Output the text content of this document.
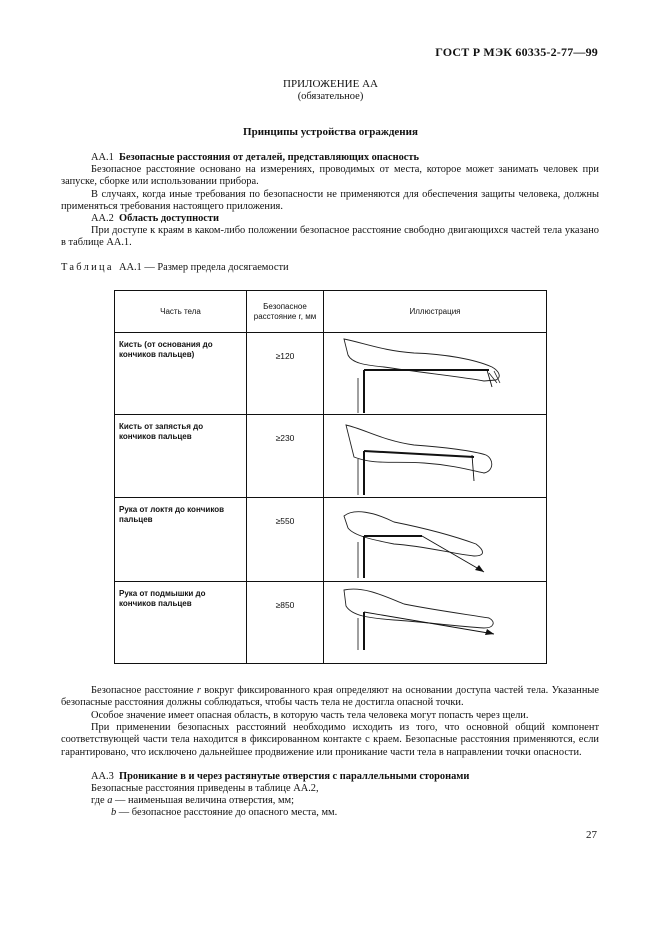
ГОСТ Р МЭК 60335-2-77—99
ПРИЛОЖЕНИЕ АА
(обязательное)
Принципы устройства ограждения
АА.1 Безопасные расстояния от деталей, представляющих опасность
Безопасное расстояние основано на измерениях, проводимых от места, которое может занимать человек при запуске, сборке или использовании прибора.
В случаях, когда иные требования по безопасности не применяются для обеспечения защиты человека, должны применяться требования настоящего приложения.
АА.2 Область доступности
При доступе к краям в каком-либо положении безопасное расстояние свободно двигающихся частей тела указано в таблице АА.1.
Таблица АА.1 — Размер предела досягаемости
Часть тела	Безопасное расстояние r, мм	Иллюстрация
Кисть (от основания до кончиков пальцев)	≥120	

Кисть от запястья до кончиков пальцев	≥230	

Рука от локтя до кончиков пальцев	≥550	

Рука от подмышки до кончиков пальцев	≥850	
Безопасное расстояние r вокруг фиксированного края определяют на основании доступа частей тела. Указанные безопасные расстояния должны соблюдаться, чтобы часть тела не достигла опасной точки.
Особое значение имеет опасная область, в которую часть тела человека могут попасть через щели.
При применении безопасных расстояний необходимо исходить из того, что основной общий компонент соответствующей части тела находится в фиксированном контакте с краем. Безопасные расстояния применяются, если гарантировано, что исключено дальнейшее продвижение или проникание части тела в направлении точки опасности.
АА.3 Проникание в и через растянутые отверстия с параллельными сторонами
Безопасные расстояния приведены в таблице АА.2,
где а — наименьшая величина отверстия, мм;
b — безопасное расстояние до опасного места, мм.
27
